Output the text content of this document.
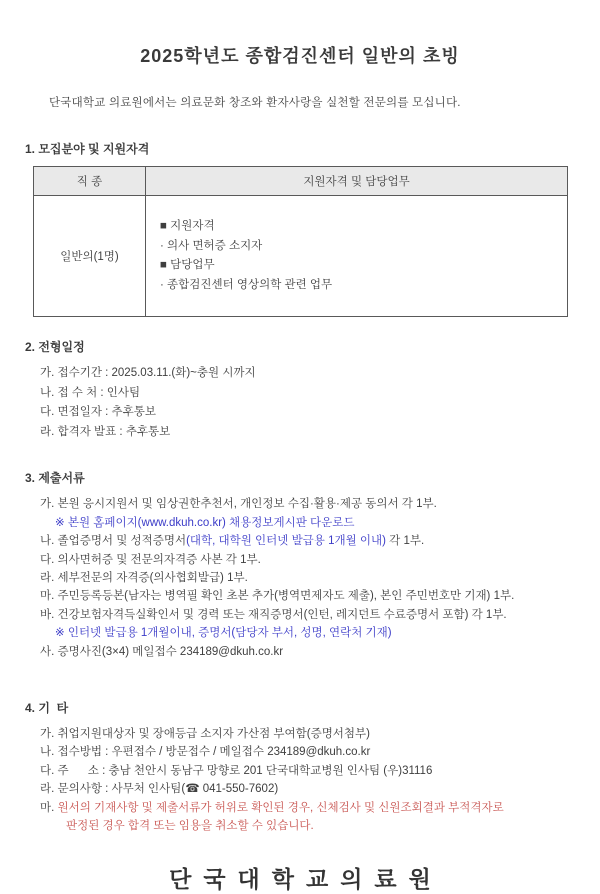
2025학년도 종합검진센터 일반의 초빙

단국대학교 의료원에서는 의료문화 창조와 환자사랑을 실천할 전문의를 모십니다.

1. 모집분야 및 지원자격
직 종	지원자격 및 담당업무
일반의(1명)	■ 지원자격
· 의사 면허증 소지자
■ 담당업무
· 종합검진센터 영상의학 관련 업무
2. 전형일정
가. 접수기간 : 2025.03.11.(화)~충원 시까지
나. 접 수 처 : 인사팀
다. 면접일자 : 추후통보
라. 합격자 발표 : 추후통보
3. 제출서류
가. 본원 응시지원서 및 임상권한추천서, 개인정보 수집·활용·제공 동의서 각 1부.
※ 본원 홈페이지(www.dkuh.co.kr) 채용정보게시판 다운로드
나. 졸업증명서 및 성적증명서(대학, 대학원 인터넷 발급용 1개월 이내) 각 1부.
다. 의사면허증 및 전문의자격증 사본 각 1부.
라. 세부전문의 자격증(의사협회발급) 1부.
마. 주민등록등본(남자는 병역필 확인 초본 추가(병역면제자도 제출), 본인 주민번호만 기재) 1부.
바. 건강보험자격득실확인서 및 경력 또는 재직증명서(인턴, 레지던트 수료증명서 포함) 각 1부.
※ 인터넷 발급용 1개월이내, 증명서(담당자 부서, 성명, 연락처 기재)
사. 증명사진(3×4) 메일접수 234189@dkuh.co.kr
4. 기  타
가. 취업지원대상자 및 장애등급 소지자 가산점 부여함(증명서첨부)
나. 접수방법 : 우편접수 / 방문접수 / 메일접수 234189@dkuh.co.kr
다. 주      소 : 충남 천안시 동남구 망향로 201 단국대학교병원 인사팀 (우)31116
라. 문의사항 : 사무처 인사팀(☎ 041-550-7602)
마. 원서의 기재사항 및 제출서류가 허위로 확인된 경우, 신체검사 및 신원조회결과 부적격자로
판정된 경우 합격 또는 임용을 취소할 수 있습니다.
단국대학교의료원
